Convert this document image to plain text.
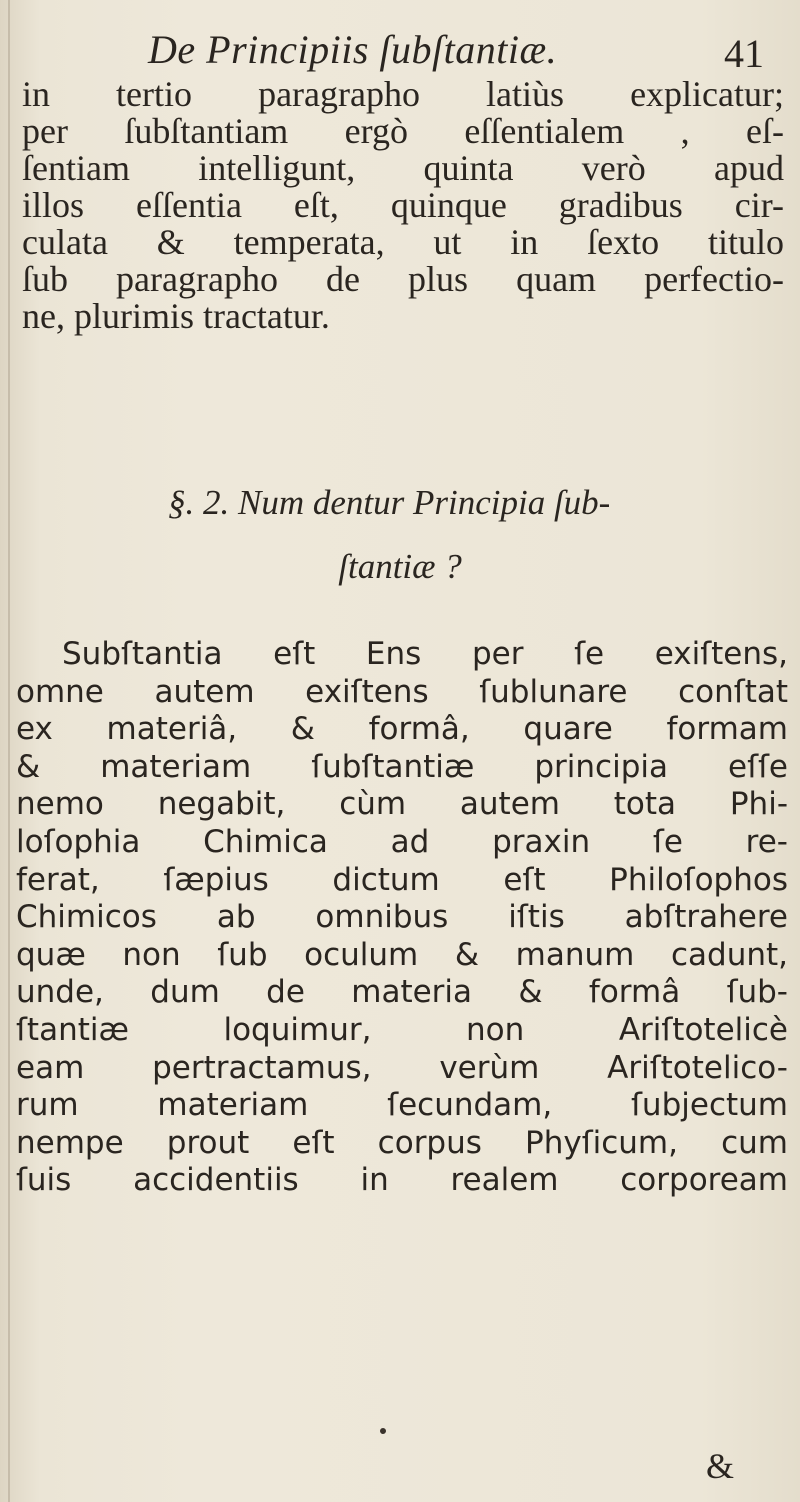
De Principiis ſubſtantiæ.	41
in tertio paragrapho latiùs explicatur;
per ſubſtantiam ergò eſſentialem , eſ-
ſentiam intelligunt, quinta verò apud
illos eſſentia eſt, quinque gradibus cir-
culata & temperata, ut in ſexto titulo
ſub paragrapho de plus quam perfectio-
ne, plurimis tractatur.
§. 2. Num dentur Principia ſub-
ſtantiæ ?
Subſtantia eſt Ens per ſe exiſtens,
omne autem exiſtens ſublunare conſtat
ex materiâ, & formâ, quare formam
& materiam ſubſtantiæ principia eſſe
nemo negabit, cùm autem tota Phi-
loſophia Chimica ad praxin ſe re-
ferat, ſæpius dictum eſt Philoſophos
Chimicos ab omnibus iſtis abſtrahere
quæ non ſub oculum & manum cadunt,
unde, dum de materia & formâ ſub-
ſtantiæ loquimur, non Ariſtotelicè
eam pertractamus, verùm Ariſtotelico-
rum materiam ſecundam, ſubjectum
nempe prout eſt corpus Phyſicum, cum
ſuis accidentiis in realem corpoream
&
